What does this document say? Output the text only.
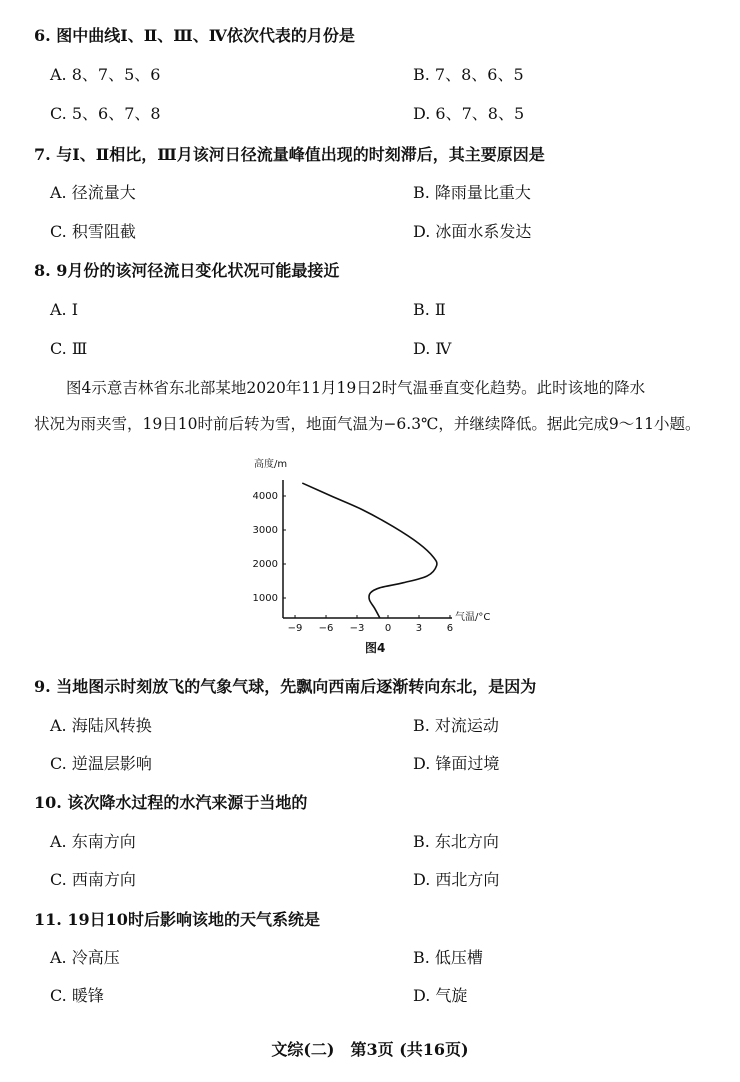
6. 图中曲线Ⅰ、Ⅱ、Ⅲ、Ⅳ依次代表的月份是
A. 8、7、5、6	B. 7、8、6、5
C. 5、6、7、8	D. 6、7、8、5
7. 与Ⅰ、Ⅱ相比，Ⅲ月该河日径流量峰值出现的时刻滞后，其主要原因是
A. 径流量大	B. 降雨量比重大
C. 积雪阻截	D. 冰面水系发达
8. 9月份的该河径流日变化状况可能最接近
A. Ⅰ	B. Ⅱ
C. Ⅲ	D. Ⅳ
图4示意吉林省东北部某地2020年11月19日2时气温垂直变化趋势。此时该地的降水
状况为雨夹雪，19日10时前后转为雪，地面气温为−6.3℃，并继续降低。据此完成9～11小题。
高度/m
气温/°C
−9 −6 −3 0 3 6
1000
2000
3000
4000
图4
9. 当地图示时刻放飞的气象气球，先飘向西南后逐渐转向东北，是因为
A. 海陆风转换	B. 对流运动
C. 逆温层影响	D. 锋面过境
10. 该次降水过程的水汽来源于当地的
A. 东南方向	B. 东北方向
C. 西南方向	D. 西北方向
11. 19日10时后影响该地的天气系统是
A. 冷高压	B. 低压槽
C. 暖锋	D. 气旋
文综(二)　第3页 (共16页)
